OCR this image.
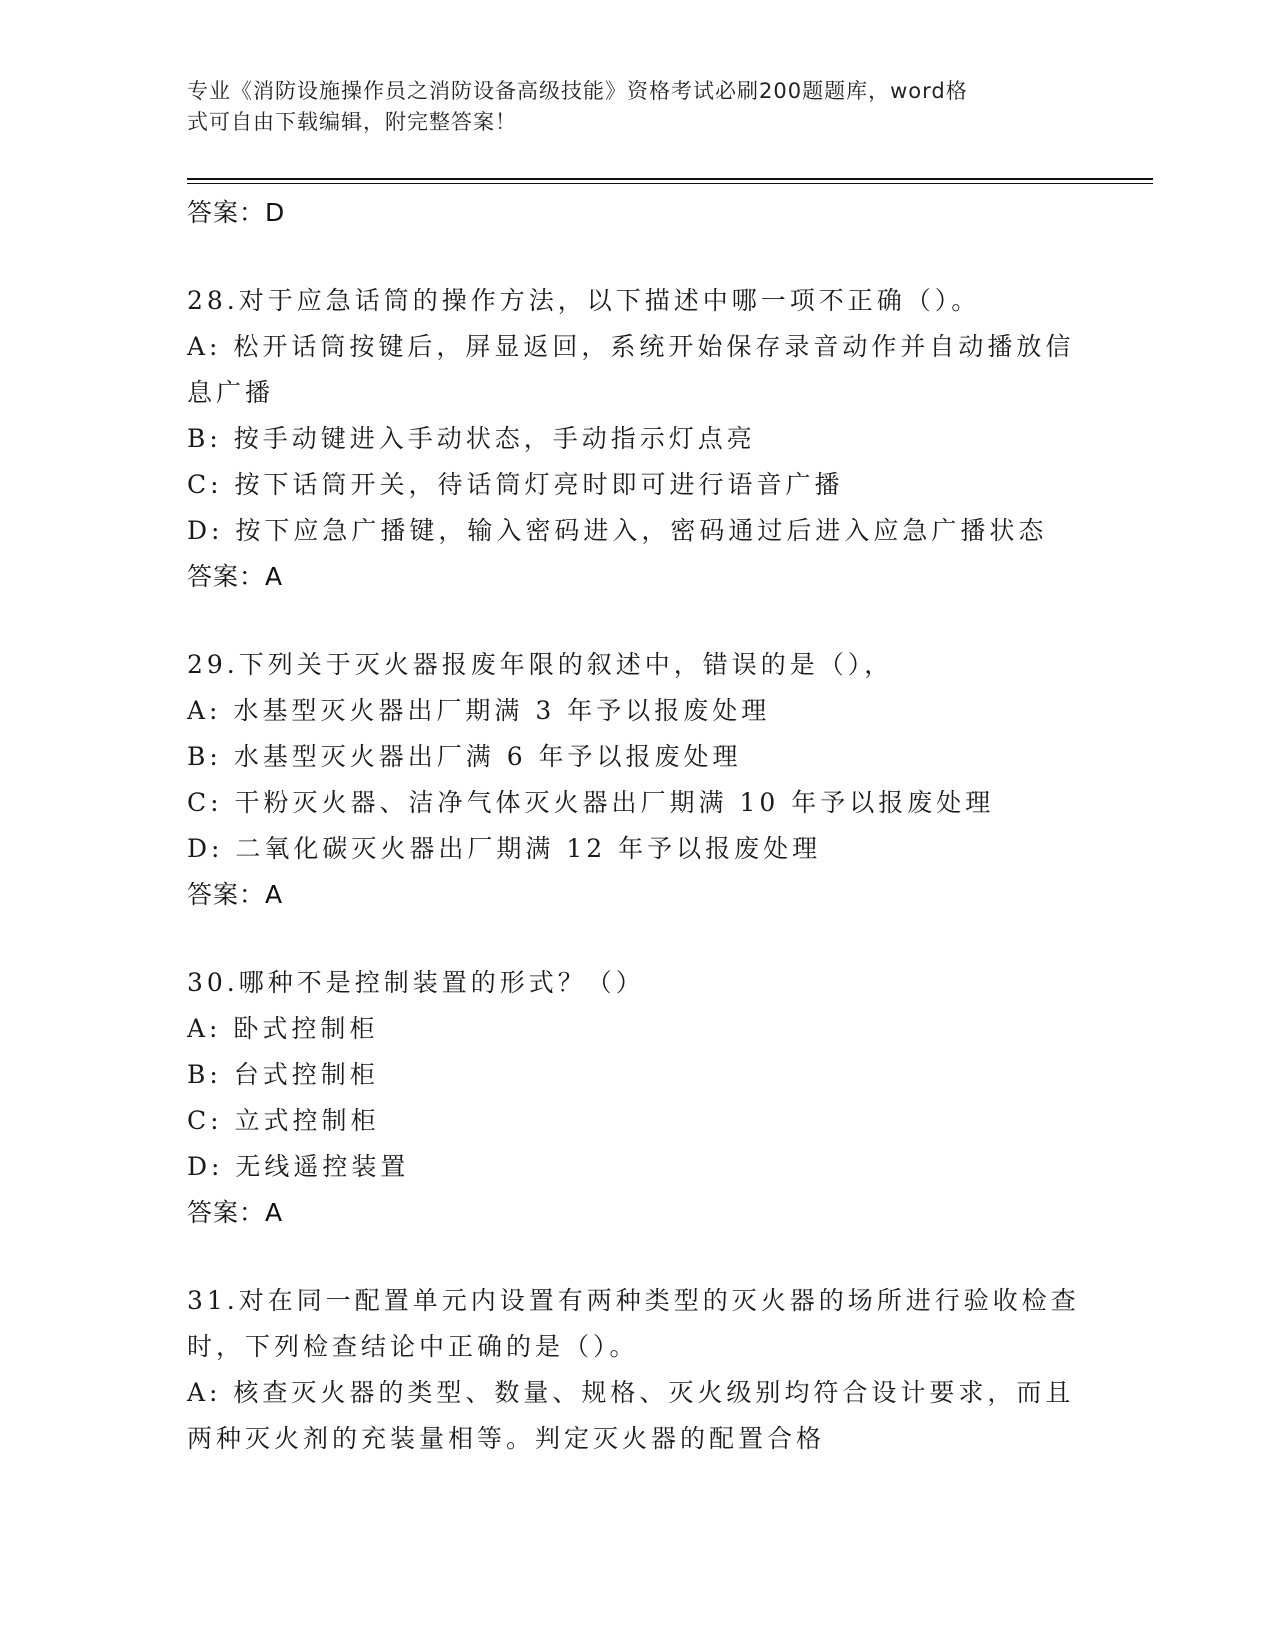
专业《消防设施操作员之消防设备高级技能》资格考试必刷200题题库，word格
式可自由下载编辑，附完整答案！
答案：D
28.对于应急话筒的操作方法，以下描述中哪一项不正确（）。
A: 松开话筒按键后，屏显返回，系统开始保存录音动作并自动播放信
息广播
B: 按手动键进入手动状态，手动指示灯点亮
C: 按下话筒开关，待话筒灯亮时即可进行语音广播
D: 按下应急广播键，输入密码进入，密码通过后进入应急广播状态
答案：A
29.下列关于灭火器报废年限的叙述中，错误的是（），
A: 水基型灭火器出厂期满 3 年予以报废处理
B: 水基型灭火器出厂满 6 年予以报废处理
C: 干粉灭火器、洁净气体灭火器出厂期满 10 年予以报废处理
D: 二氧化碳灭火器出厂期满 12 年予以报废处理
答案：A
30.哪种不是控制装置的形式？（）
A: 卧式控制柜
B: 台式控制柜
C: 立式控制柜
D: 无线遥控装置
答案：A
31.对在同一配置单元内设置有两种类型的灭火器的场所进行验收检查
时，下列检查结论中正确的是（）。
A: 核查灭火器的类型、数量、规格、灭火级别均符合设计要求，而且
两种灭火剂的充装量相等。判定灭火器的配置合格
